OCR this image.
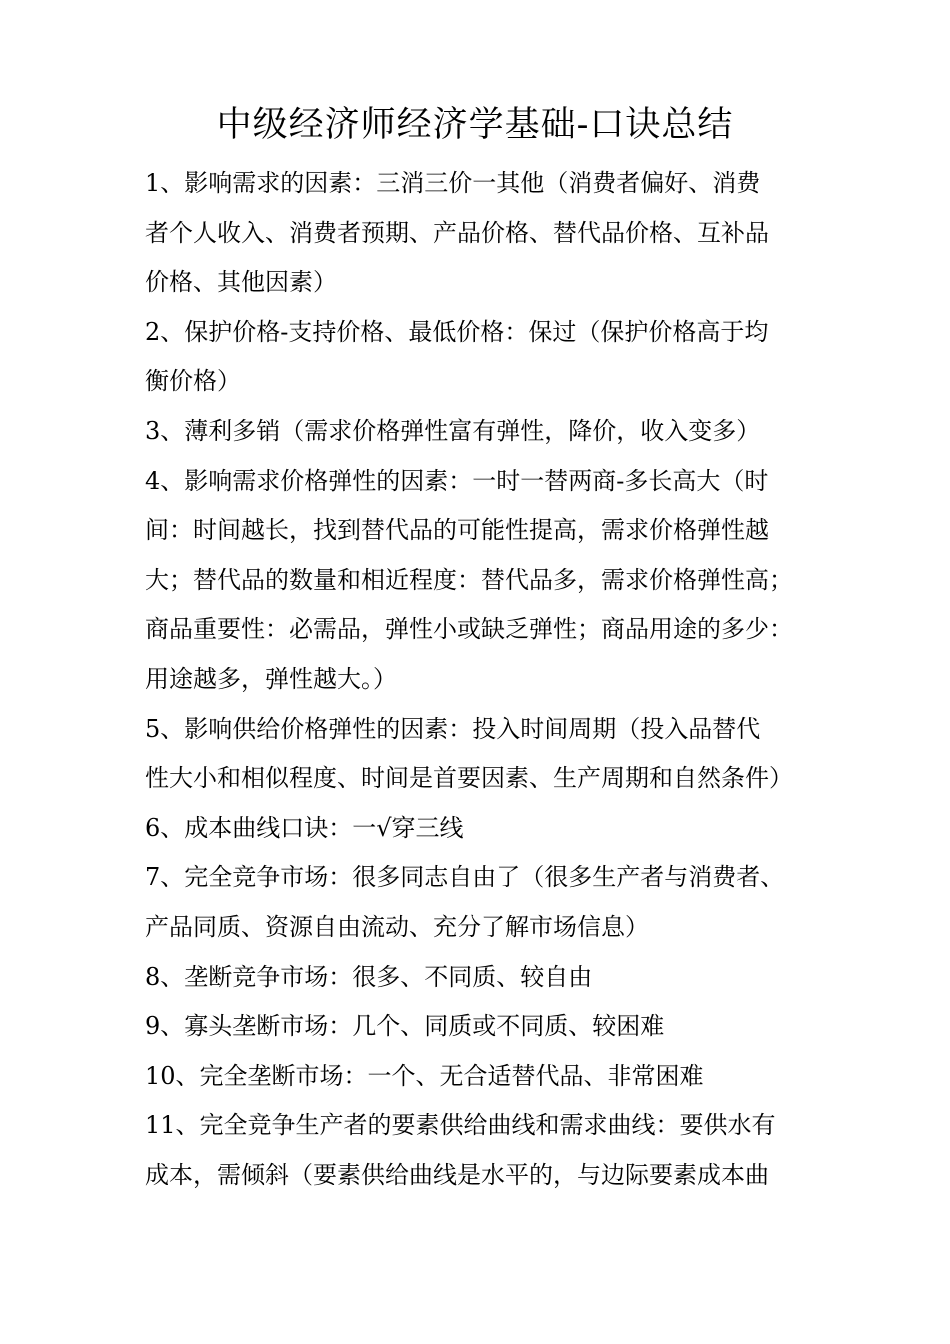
中级经济师经济学基础-口诀总结

1、影响需求的因素：三消三价一其他（消费者偏好、消费

者个人收入、消费者预期、产品价格、替代品价格、互补品

价格、其他因素）

2、保护价格-支持价格、最低价格：保过（保护价格高于均

衡价格）

3、薄利多销（需求价格弹性富有弹性，降价，收入变多）

4、影响需求价格弹性的因素：一时一替两商-多长高大（时

间：时间越长，找到替代品的可能性提高，需求价格弹性越

大；替代品的数量和相近程度：替代品多，需求价格弹性高；

商品重要性：必需品，弹性小或缺乏弹性；商品用途的多少：

用途越多，弹性越大。）

5、影响供给价格弹性的因素：投入时间周期（投入品替代

性大小和相似程度、时间是首要因素、生产周期和自然条件）

6、成本曲线口诀：一√穿三线

7、完全竞争市场：很多同志自由了（很多生产者与消费者、

产品同质、资源自由流动、充分了解市场信息）

8、垄断竞争市场：很多、不同质、较自由

9、寡头垄断市场：几个、同质或不同质、较困难

10、完全垄断市场：一个、无合适替代品、非常困难

11、完全竞争生产者的要素供给曲线和需求曲线：要供水有

成本，需倾斜（要素供给曲线是水平的，与边际要素成本曲
